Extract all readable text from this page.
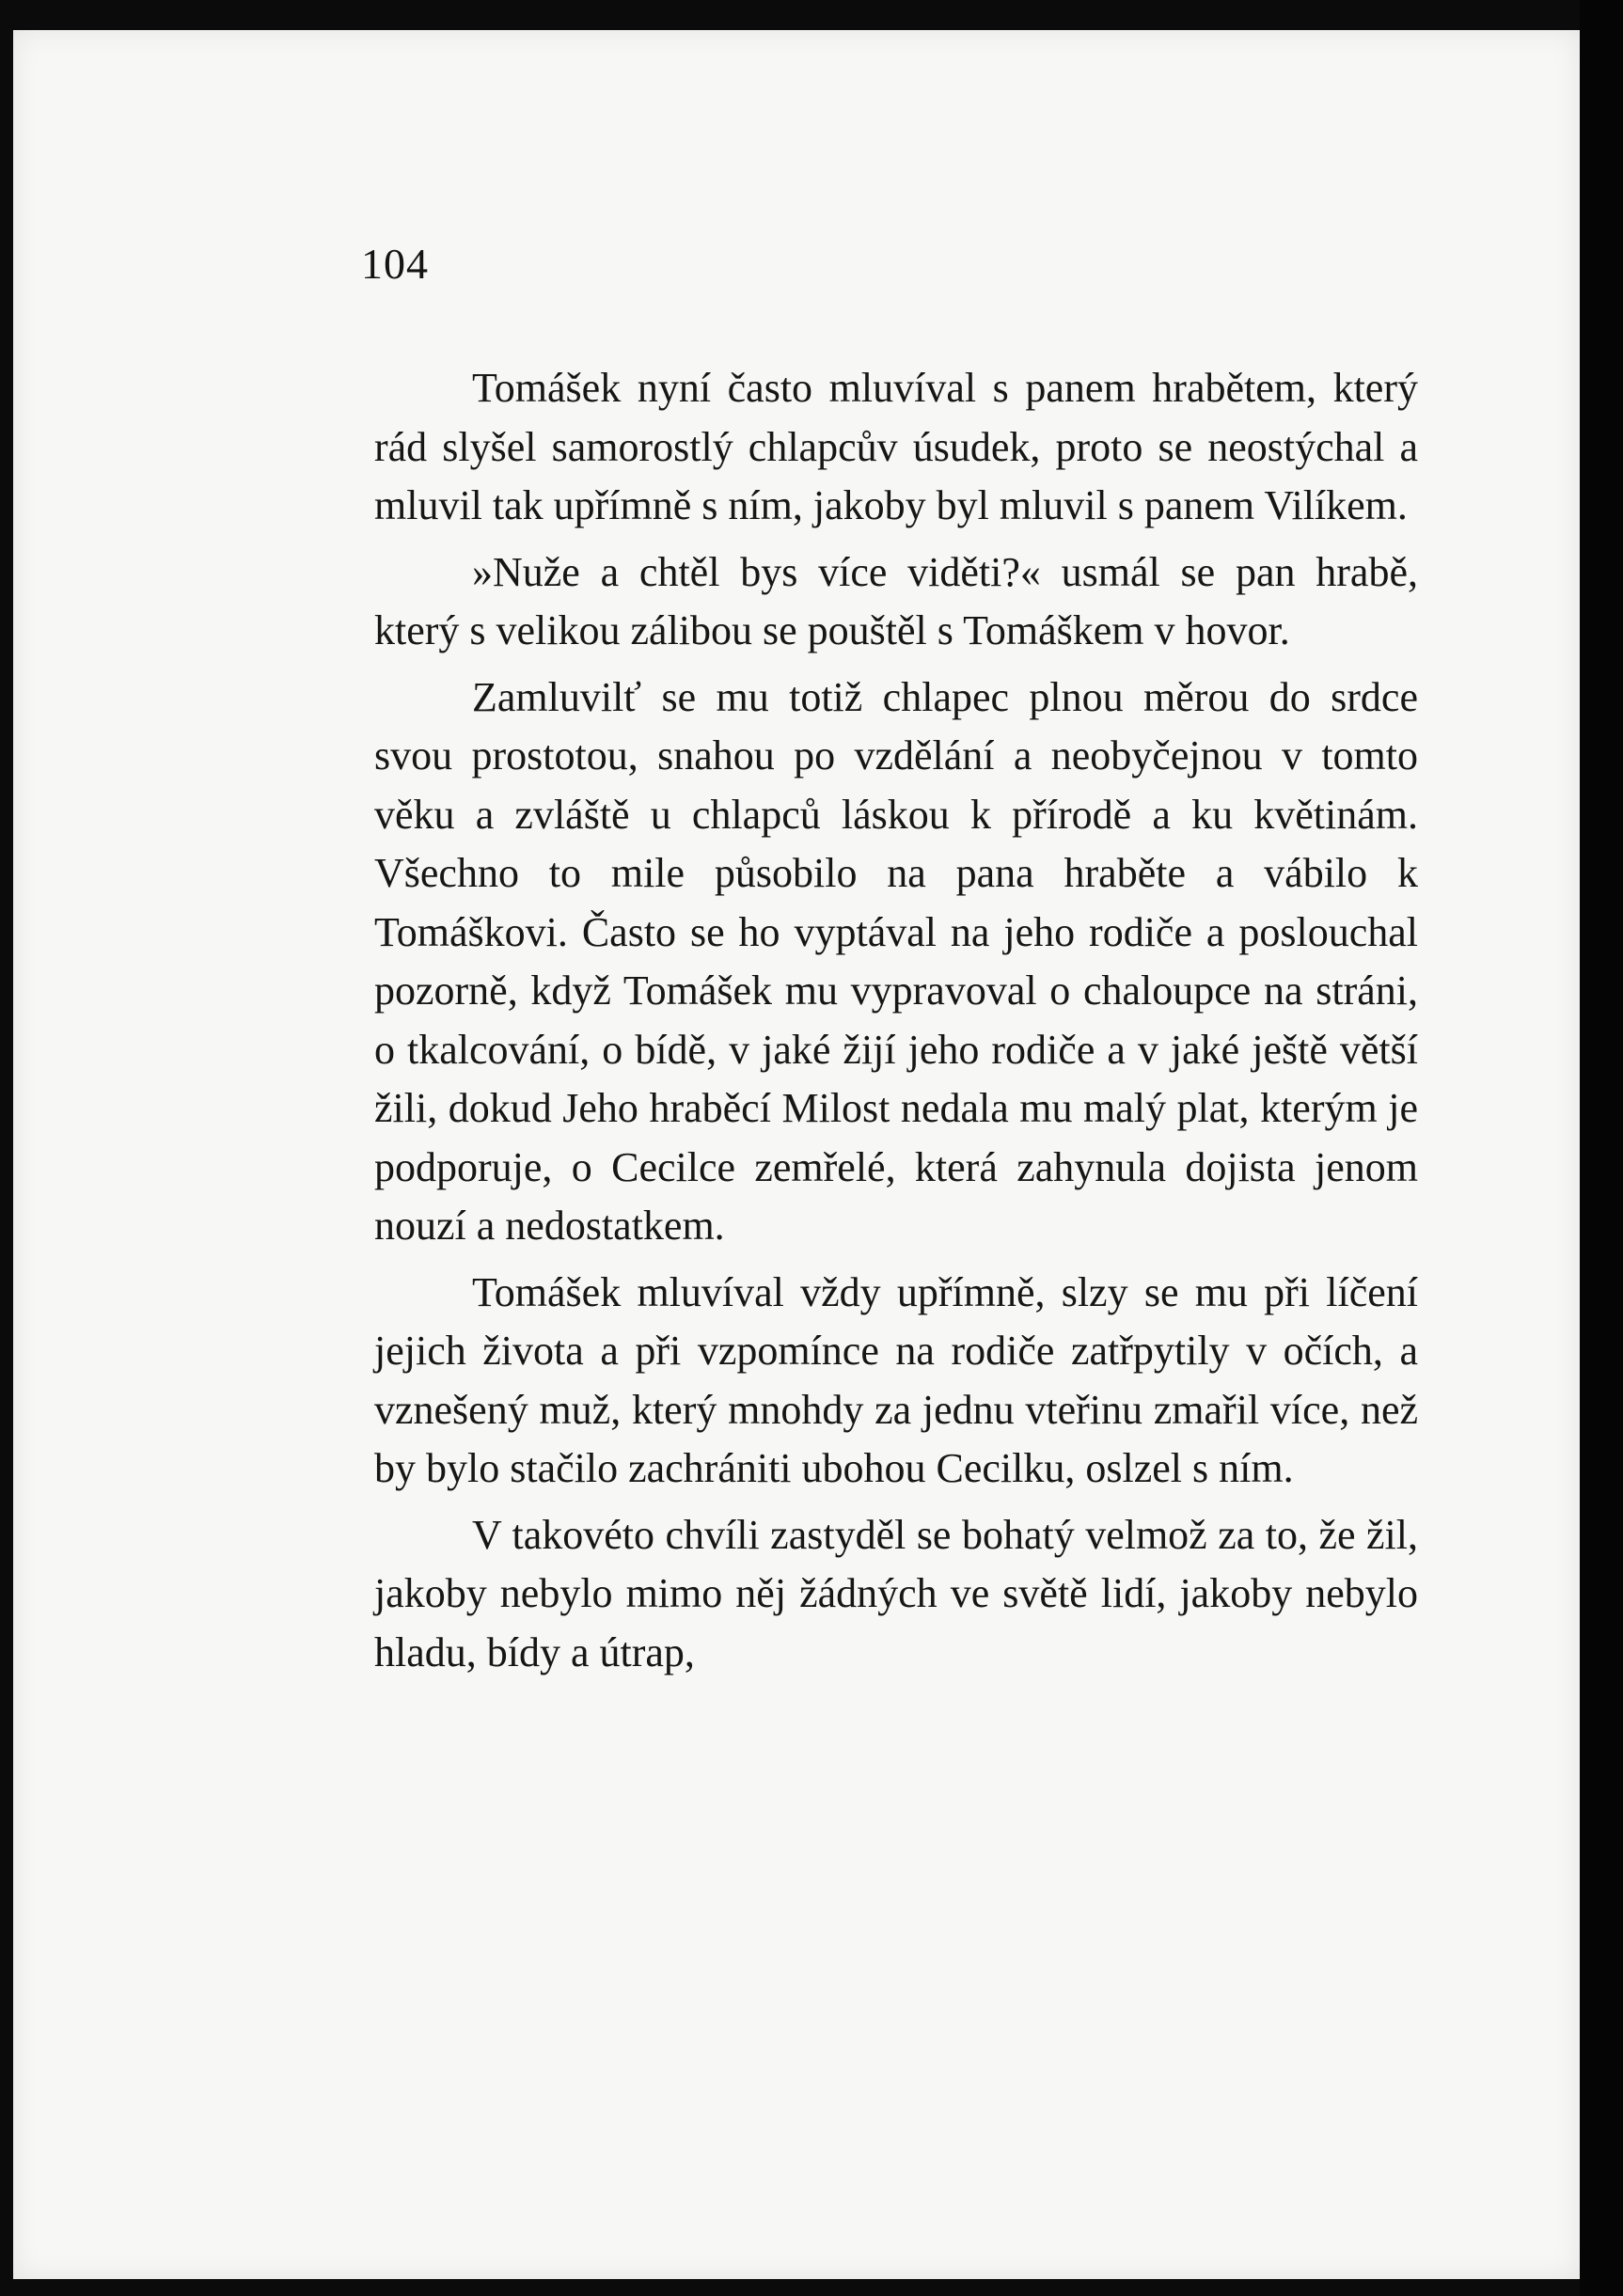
104

Tomášek nyní často mluvíval s panem hrabětem, který rád slyšel samorostlý chlapcův úsudek, proto se neostýchal a mluvil tak upřímně s ním, jakoby byl mluvil s panem Vilíkem.

»Nuže a chtěl bys více viděti?« usmál se pan hrabě, který s velikou zálibou se pouštěl s Tomáškem v hovor.

Zamluvilť se mu totiž chlapec plnou měrou do srdce svou prostotou, snahou po vzdělání a neobyčejnou v tomto věku a zvláště u chlapců láskou k přírodě a ku květinám. Všechno to mile působilo na pana hraběte a vábilo k Tomáškovi. Často se ho vyptával na jeho rodiče a poslouchal pozorně, když Tomášek mu vypravoval o chaloupce na stráni, o tkalcování, o bídě, v jaké žijí jeho rodiče a v jaké ještě větší žili, dokud Jeho hraběcí Milost nedala mu malý plat, kterým je podporuje, o Cecilce zemřelé, která zahynula dojista jenom nouzí a nedostatkem.

Tomášek mluvíval vždy upřímně, slzy se mu při líčení jejich života a při vzpomínce na rodiče zatřpytily v očích, a vznešený muž, který mnohdy za jednu vteřinu zmařil více, než by bylo stačilo zachrániti ubohou Cecilku, oslzel s ním.

V takovéto chvíli zastyděl se bohatý velmož za to, že žil, jakoby nebylo mimo něj žádných ve světě lidí, jakoby nebylo hladu, bídy a útrap,
